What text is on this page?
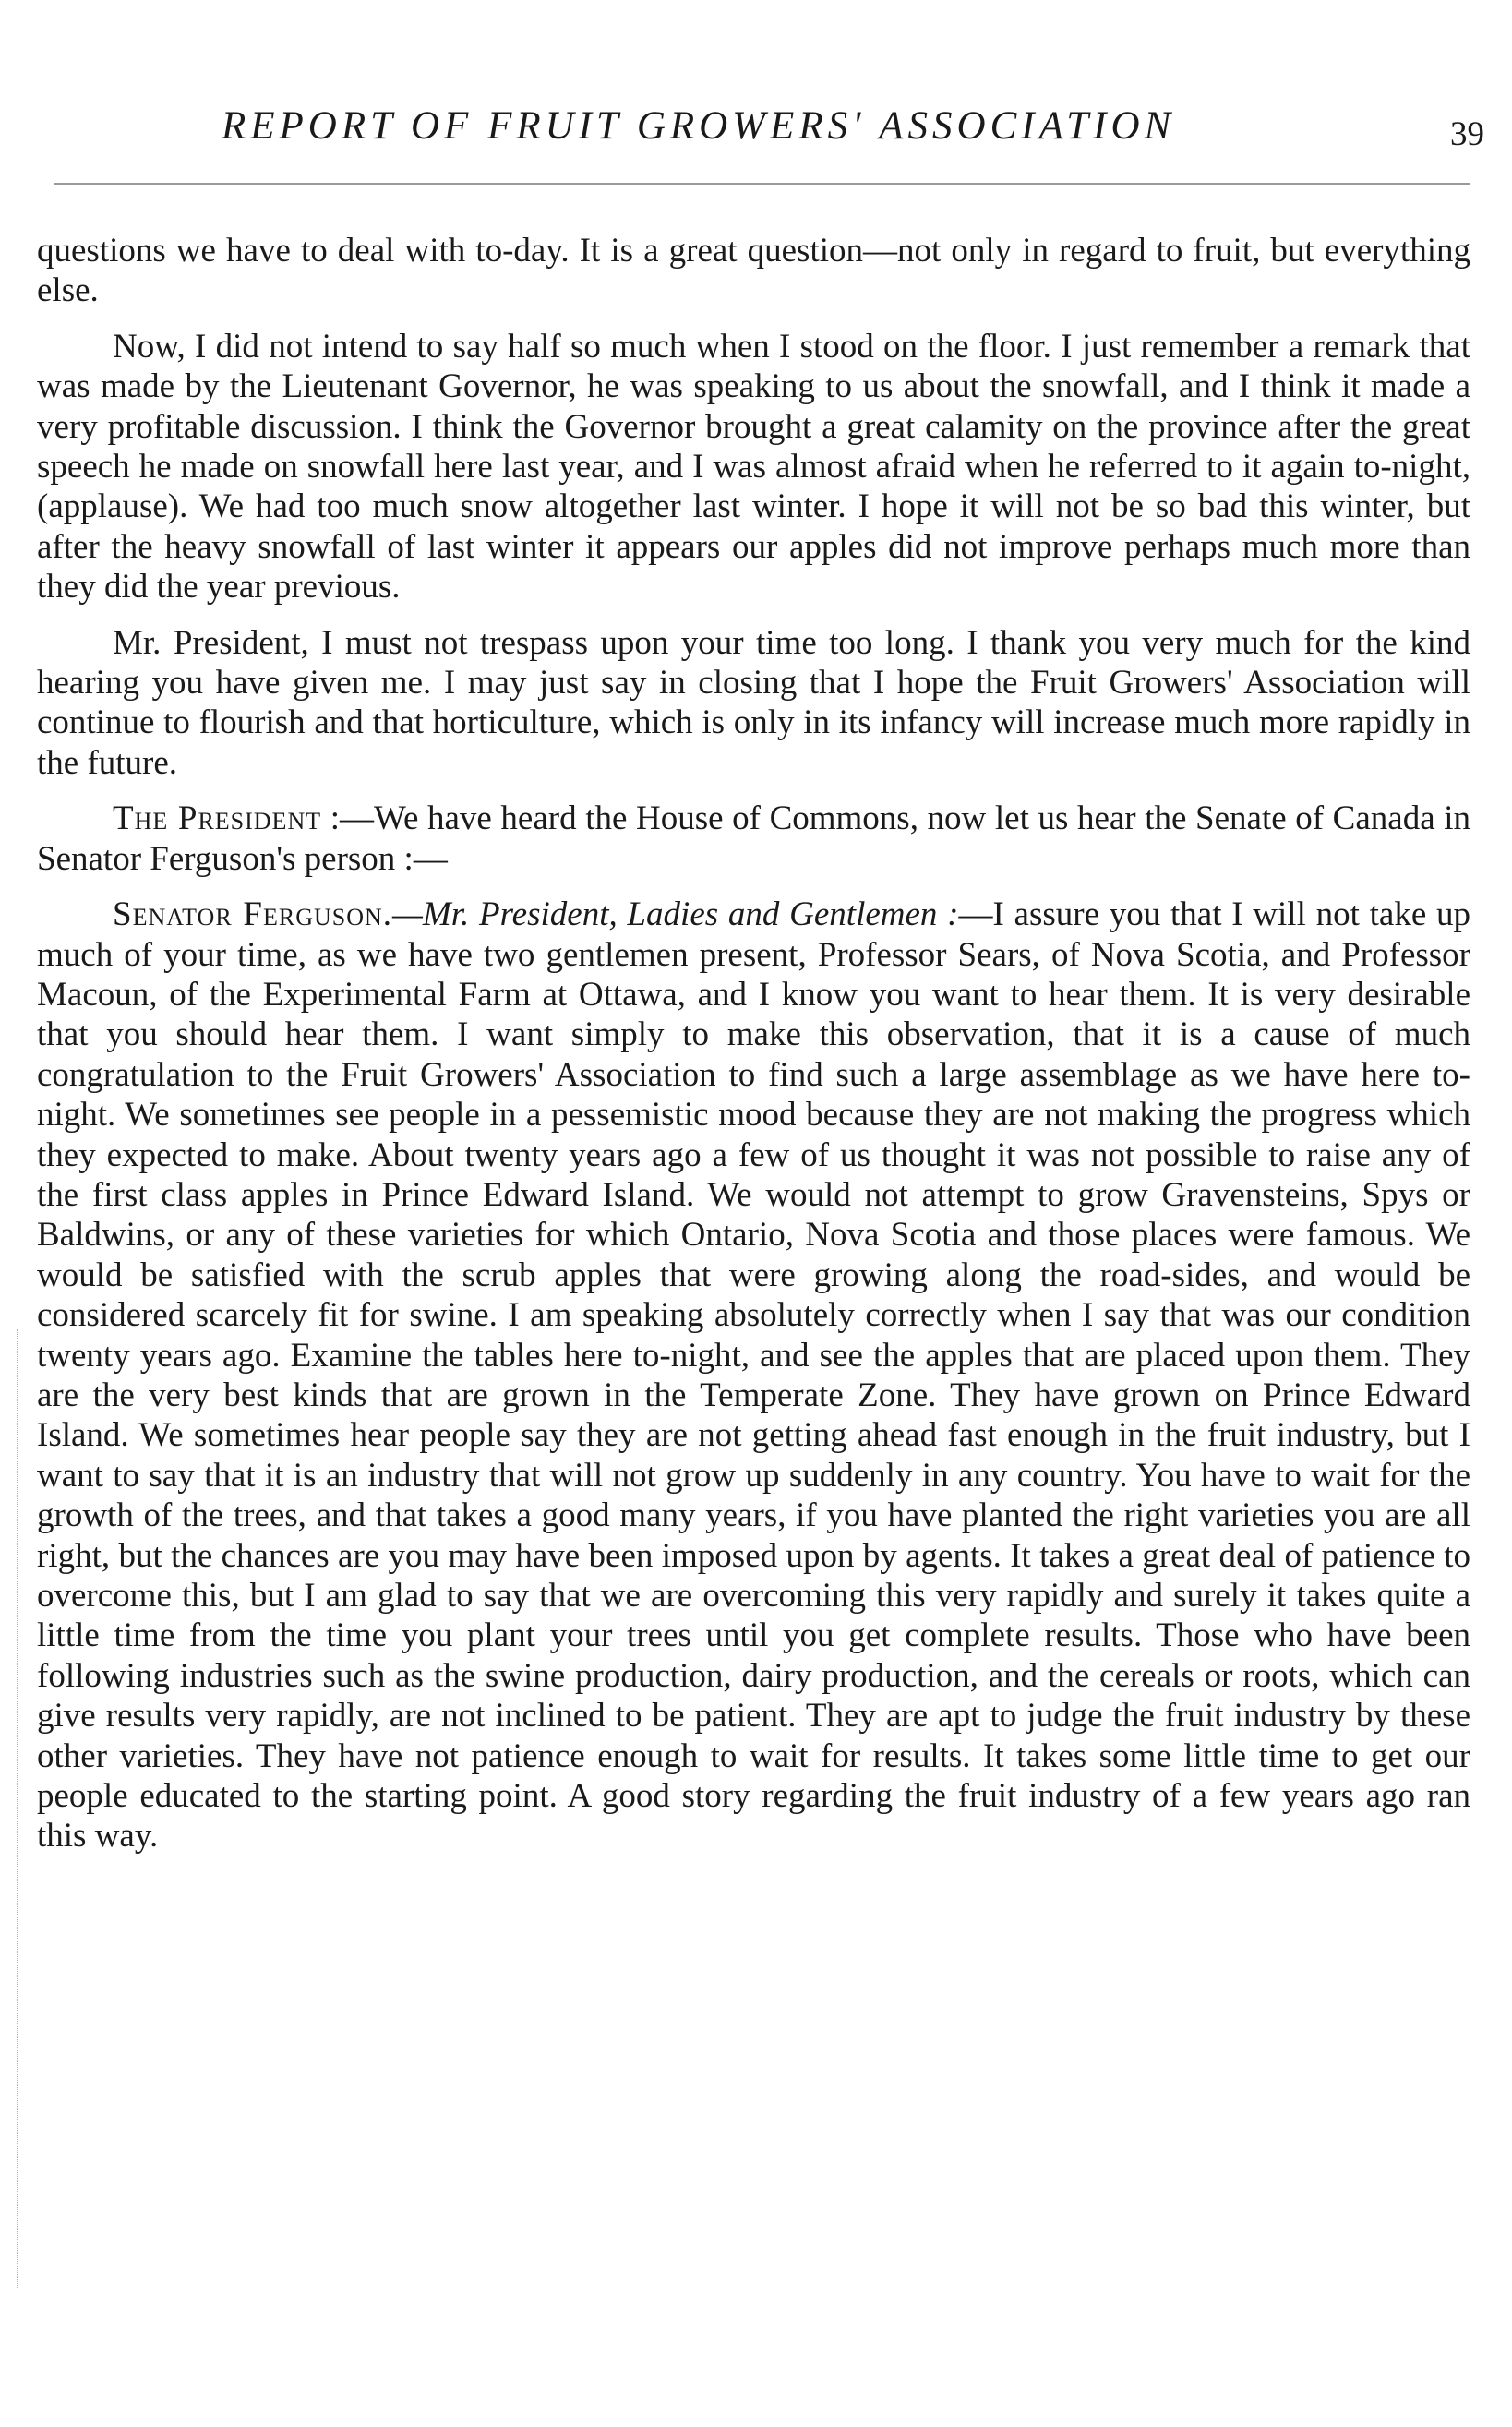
REPORT OF FRUIT GROWERS' ASSOCIATION	39

questions we have to deal with to-day. It is a great question—not only in regard to fruit, but everything else.

Now, I did not intend to say half so much when I stood on the floor. I just remember a remark that was made by the Lieutenant Governor, he was speaking to us about the snowfall, and I think it made a very profitable discussion. I think the Governor brought a great calamity on the province after the great speech he made on snowfall here last year, and I was almost afraid when he referred to it again to-night, (applause). We had too much snow altogether last winter. I hope it will not be so bad this winter, but after the heavy snowfall of last winter it appears our apples did not improve perhaps much more than they did the year previous.

Mr. President, I must not trespass upon your time too long. I thank you very much for the kind hearing you have given me. I may just say in closing that I hope the Fruit Growers' Association will continue to flourish and that horticulture, which is only in its infancy will increase much more rapidly in the future.

The President :—We have heard the House of Commons, now let us hear the Senate of Canada in Senator Ferguson's person :—

Senator Ferguson.—Mr. President, Ladies and Gentlemen :—I assure you that I will not take up much of your time, as we have two gentlemen present, Professor Sears, of Nova Scotia, and Professor Macoun, of the Experimental Farm at Ottawa, and I know you want to hear them. It is very desirable that you should hear them. I want simply to make this observation, that it is a cause of much congratulation to the Fruit Growers' Association to find such a large assemblage as we have here to-night. We sometimes see people in a pessemistic mood because they are not making the progress which they expected to make. About twenty years ago a few of us thought it was not possible to raise any of the first class apples in Prince Edward Island. We would not attempt to grow Gravensteins, Spys or Baldwins, or any of these varieties for which Ontario, Nova Scotia and those places were famous. We would be satisfied with the scrub apples that were growing along the road-sides, and would be considered scarcely fit for swine. I am speaking absolutely correctly when I say that was our condition twenty years ago. Examine the tables here to-night, and see the apples that are placed upon them. They are the very best kinds that are grown in the Temperate Zone. They have grown on Prince Edward Island. We sometimes hear people say they are not getting ahead fast enough in the fruit industry, but I want to say that it is an industry that will not grow up suddenly in any country. You have to wait for the growth of the trees, and that takes a good many years, if you have planted the right varieties you are all right, but the chances are you may have been imposed upon by agents. It takes a great deal of patience to overcome this, but I am glad to say that we are overcoming this very rapidly and surely it takes quite a little time from the time you plant your trees until you get complete results. Those who have been following industries such as the swine production, dairy production, and the cereals or roots, which can give results very rapidly, are not inclined to be patient. They are apt to judge the fruit industry by these other varieties. They have not patience enough to wait for results. It takes some little time to get our people educated to the starting point. A good story regarding the fruit industry of a few years ago ran this way.
